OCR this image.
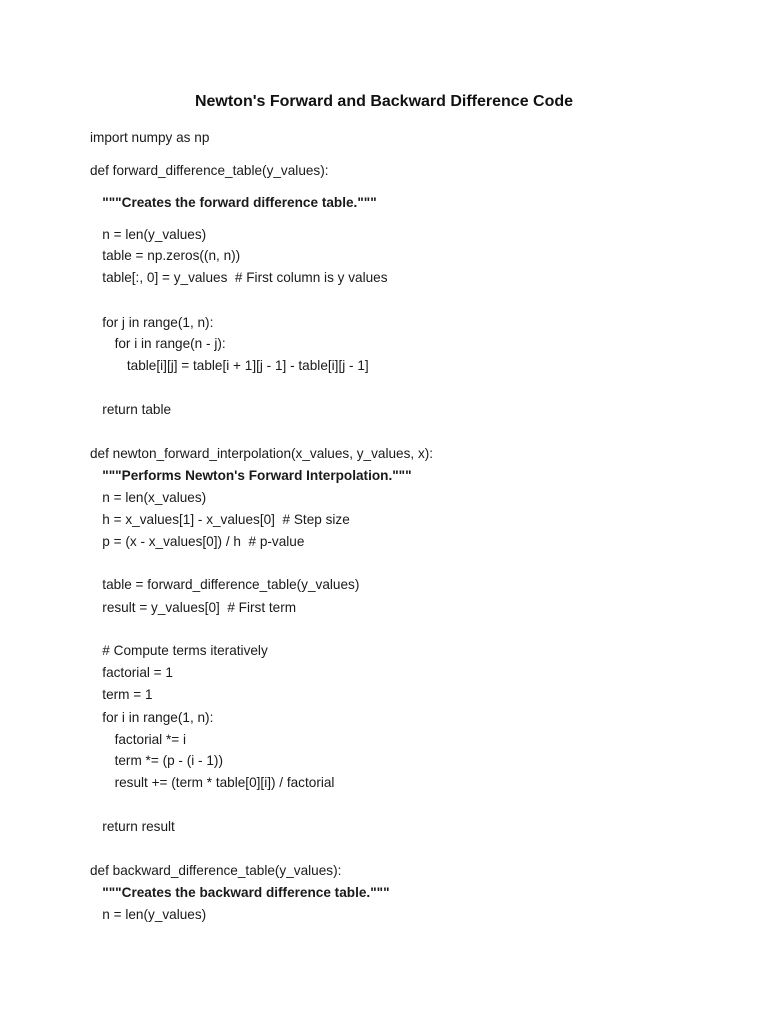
Newton's Forward and Backward Difference Code
import numpy as np
def forward_difference_table(y_values):
"""Creates the forward difference table."""
n = len(y_values)
table = np.zeros((n, n))
table[:, 0] = y_values  # First column is y values
for j in range(1, n):
for i in range(n - j):
table[i][j] = table[i + 1][j - 1] - table[i][j - 1]
return table
def newton_forward_interpolation(x_values, y_values, x):
"""Performs Newton's Forward Interpolation."""
n = len(x_values)
h = x_values[1] - x_values[0]  # Step size
p = (x - x_values[0]) / h  # p-value
table = forward_difference_table(y_values)
result = y_values[0]  # First term
# Compute terms iteratively
factorial = 1
term = 1
for i in range(1, n):
factorial *= i
term *= (p - (i - 1))
result += (term * table[0][i]) / factorial
return result
def backward_difference_table(y_values):
"""Creates the backward difference table."""
n = len(y_values)
